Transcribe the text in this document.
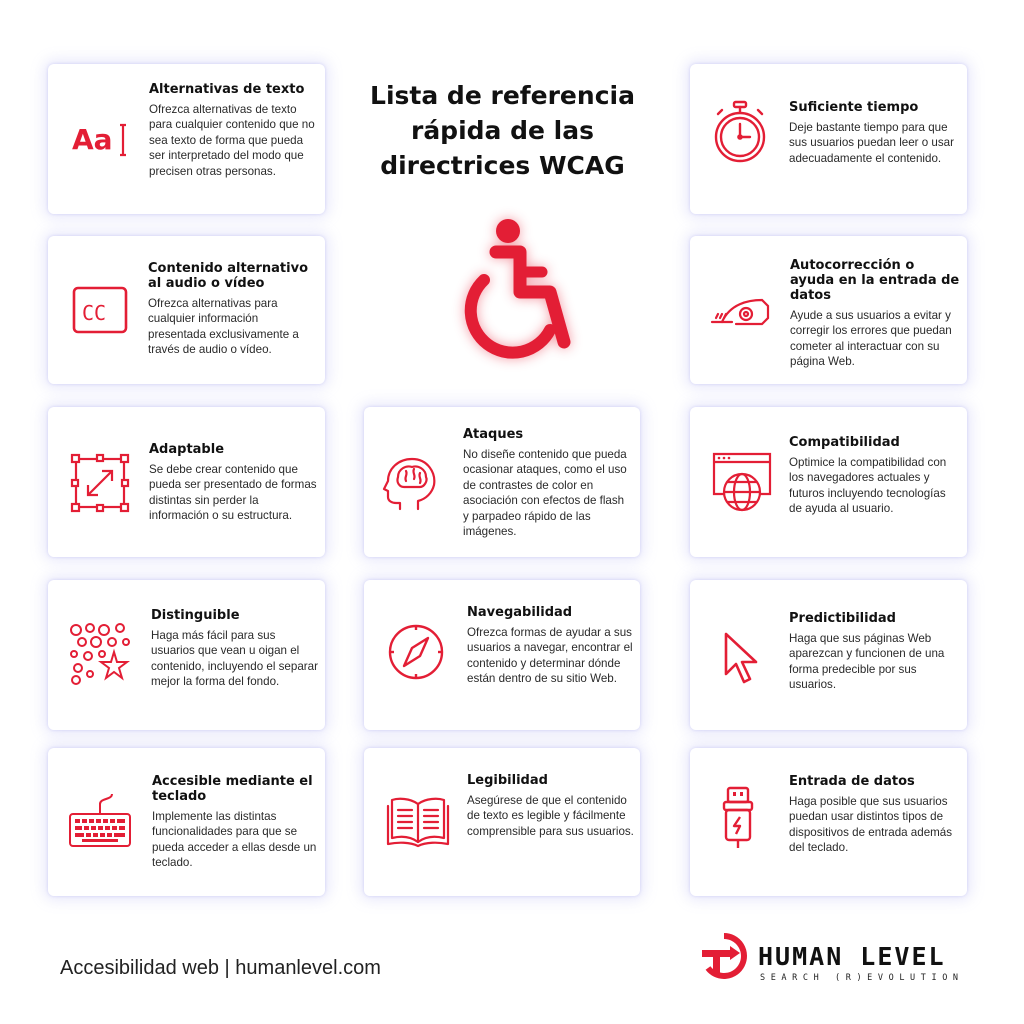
Lista de referencia rápida de las directrices WCAG
Aa
Alternativas de texto

Ofrezca alternativas de texto para cualquier contenido que no sea texto de forma que pueda ser interpretado del modo que precisen otras personas.

Suficiente tiempo

Deje bastante tiempo para que sus usuarios puedan leer o usar adecuadamente el contenido.

CC
Contenido alternativo al audio o vídeo

Ofrezca alternativas para cualquier información presentada exclusivamente a través de audio o vídeo.

Autocorrección o ayuda en la entrada de datos

Ayude a sus usuarios a evitar y corregir los errores que puedan cometer al interactuar con su página Web.

Adaptable

Se debe crear contenido que pueda ser presentado de formas distintas sin perder la información o su estructura.

Ataques

No diseñe contenido que pueda ocasionar ataques, como el uso de contrastes de color en asociación con efectos de flash y parpadeo rápido de las imágenes.

Compatibilidad

Optimice la compatibilidad con los navegadores actuales y futuros incluyendo tecnologías de ayuda al usuario.

Distinguible

Haga más fácil para sus usuarios que vean u oigan el contenido, incluyendo el separar mejor la forma del fondo.

Navegabilidad

Ofrezca formas de ayudar a sus usuarios a navegar, encontrar el contenido y determinar dónde están dentro de su sitio Web.

Predictibilidad

Haga que sus páginas Web aparezcan y funcionen de una forma predecible por sus usuarios.

Accesible mediante el teclado

Implemente las distintas funcionalidades para que se pueda acceder a ellas desde un teclado.

Legibilidad

Asegúrese de que el contenido de texto es legible y fácilmente comprensible para sus usuarios.

Entrada de datos

Haga posible que sus usuarios puedan usar distintos tipos de dispositivos de entrada además del teclado.

Accesibilidad web | humanlevel.com	HUMAN LEVEL
SEARCH (R)EVOLUTION
